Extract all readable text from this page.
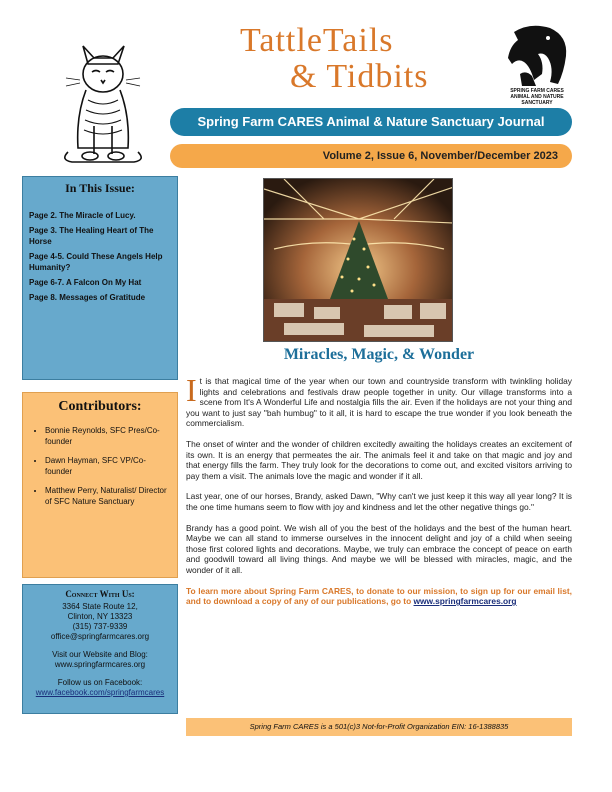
TattleTails
& Tidbits	SPRING FARM CARES
ANIMAL AND NATURE SANCTUARY
Spring Farm CARES Animal & Nature Sanctuary Journal
Volume 2, Issue 6, November/December 2023
In This Issue:
Page 2. The Miracle of Lucy.
Page 3. The Healing Heart of The Horse
Page 4-5. Could These Angels Help Humanity?
Page 6-7. A Falcon On My Hat
Page 8. Messages of Gratitude
Contributors:
• Bonnie Reynolds, SFC Pres/Co-founder
• Dawn Hayman, SFC VP/Co-founder
• Matthew Perry, Naturalist/ Director of SFC Nature Sanctuary
Connect With Us:
3364 State Route 12,
Clinton, NY 13323
(315) 737-9339
office@springfarmcares.org
Visit our Website and Blog:
www.springfarmcares.org
Follow us on Facebook:
www.facebook.com/springfarmcares
Miracles, Magic, & Wonder

It is that magical time of the year when our town and countryside transform with twinkling holiday lights and celebrations and festivals draw people together in unity. Our village transforms into a scene from It's A Wonderful Life and nostalgia fills the air. Even if the holidays are not your thing and you want to just say "bah humbug" to it all, it is hard to escape the true wonder if you look beneath the commercialism.

The onset of winter and the wonder of children excitedly awaiting the holidays creates an excitement of its own. It is an energy that permeates the air. The animals feel it and take on that magic and joy and that energy fills the farm. They truly look for the decorations to come out, and excited visitors arriving to pay them a visit. The animals love the magic and wonder if it all.

Last year, one of our horses, Brandy, asked Dawn, "Why can't we just keep it this way all year long? It is the one time humans seem to flow with joy and kindness and let the other negative things go."

Brandy has a good point. We wish all of you the best of the holidays and the best of the human heart. Maybe we can all stand to immerse ourselves in the innocent delight and joy of a child when seeing those first colored lights and decorations. Maybe, we truly can embrace the concept of peace on earth and goodwill toward all living things. And maybe we will be blessed with miracles, magic, and the wonder of it all.

To learn more about Spring Farm CARES, to donate to our mission, to sign up for our email list, and to download a copy of any of our publications, go to www.springfarmcares.org

Spring Farm CARES is a 501(c)3 Not-for-Profit Organization EIN: 16-1388835
